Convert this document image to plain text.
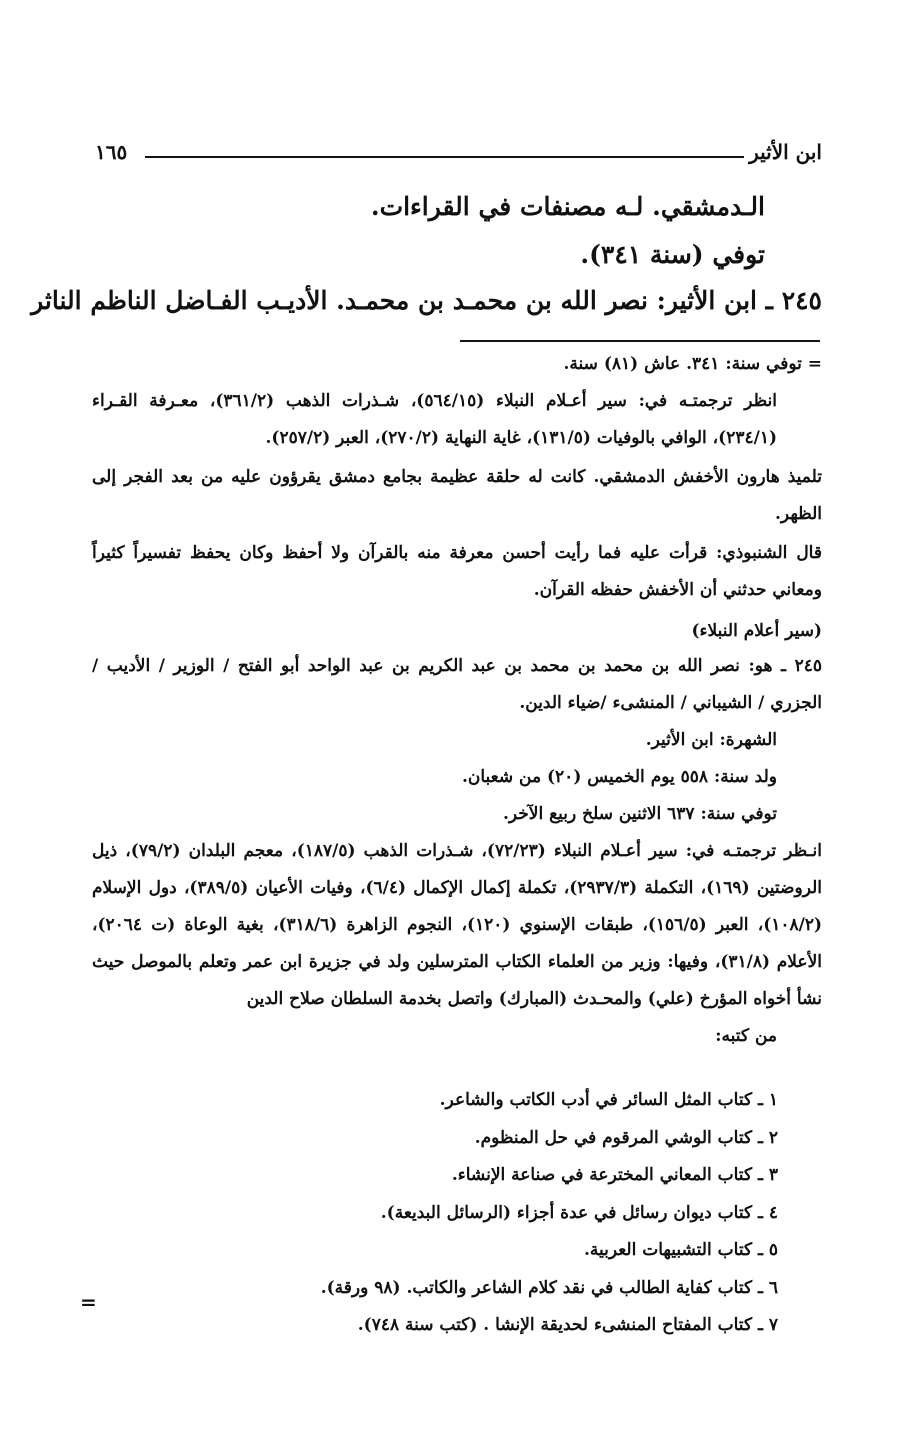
ابن الأثير
١٦٥
الـدمشقي. لـه مصنفات في القراءات.
توفي (سنة ٣٤١).
٢٤٥ ـ ابن الأثير: نصر الله بن محمـد بن محمـد. الأديـب الفـاضل الناظم الناثر

= توفي سنة: ٣٤١. عاش (٨١) سنة.

انظر ترجمتـه في: سير أعـلام النبلاء (٥٦٤/١٥)، شـذرات الذهب (٣٦١/٢)، معـرفة القـراء (٢٣٤/١)، الوافي بالوفيات (١٣١/٥)، غاية النهاية (٢٧٠/٢)، العبر (٢٥٧/٢).

تلميذ هارون الأخفش الدمشقي. كانت له حلقة عظيمة بجامع دمشق يقرؤون عليه من بعد الفجر إلى الظهر.

قال الشنبوذي: قرأت عليه فما رأيت أحسن معرفة منه بالقرآن ولا أحفظ وكان يحفظ تفسيراً كثيراً ومعاني حدثني أن الأخفش حفظه القرآن.

(سير أعلام النبلاء)

٢٤٥ ـ هو: نصر الله بن محمد بن محمد بن عبد الكريم بن عبد الواحد أبو الفتح / الوزير / الأديب / الجزري / الشيباني / المنشىء /ضياء الدين.

الشهرة: ابن الأثير.

ولد سنة: ٥٥٨ يوم الخميس (٢٠) من شعبان.

توفي سنة: ٦٣٧ الاثنين سلخ ربيع الآخر.

انـظر ترجمتـه في: سير أعـلام النبلاء (٧٢/٢٣)، شـذرات الذهب (١٨٧/٥)، معجم البلدان (٧٩/٢)، ذيل الروضتين (١٦٩)، التكملة (٢٩٣٧/٣)، تكملة إكمال الإكمال (٦/٤)، وفيات الأعيان (٣٨٩/٥)، دول الإسلام (١٠٨/٢)، العبر (١٥٦/٥)، طبقات الإسنوي (١٢٠)، النجوم الزاهرة (٣١٨/٦)، بغية الوعاة (ت ٢٠٦٤)، الأعلام (٣١/٨)، وفيها: وزير من العلماء الكتاب المترسلين ولد في جزيرة ابن عمر وتعلم بالموصل حيث نشأ أخواه المؤرخ (علي) والمحـدث (المبارك) واتصل بخدمة السلطان صلاح الدين

من كتبه:

١ ـ كتاب المثل السائر في أدب الكاتب والشاعر.
٢ ـ كتاب الوشي المرقوم في حل المنظوم.
٣ ـ كتاب المعاني المخترعة في صناعة الإنشاء.
٤ ـ كتاب ديوان رسائل في عدة أجزاء (الرسائل البديعة).
٥ ـ كتاب التشبيهات العربية.
٦ ـ كتاب كفاية الطالب في نقد كلام الشاعر والكاتب. (٩٨ ورقة).
٧ ـ كتاب المفتاح المنشىء لحديقة الإنشا . (كتب سنة ٧٤٨).
=
